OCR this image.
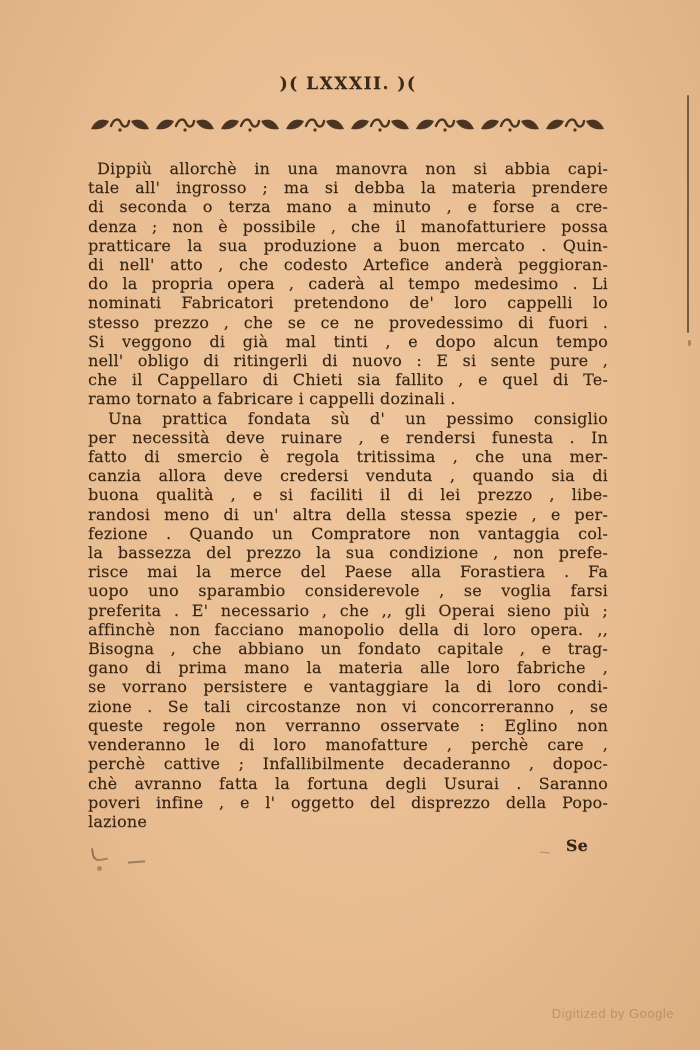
)( LXXXII. )(
Dippiù allorchè in una manovra non si abbia capi-
tale all' ingrosso ; ma si debba la materia prendere
di seconda o terza mano a minuto , e forse a cre-
denza ; non è possibile , che il manofatturiere possa
pratticare la sua produzione a buon mercato . Quin-
di nell' atto , che codesto Artefice anderà peggioran-
do la propria opera , caderà al tempo medesimo . Li
nominati Fabricatori pretendono de' loro cappelli lo
stesso prezzo , che se ce ne provedessimo di fuori .
Si veggono di già mal tinti , e dopo alcun tempo
nell' obligo di ritingerli di nuovo : E si sente pure ,
che il Cappellaro di Chieti sia fallito , e quel di Te-
ramo tornato a fabricare i cappelli dozinali .
Una prattica fondata sù d' un pessimo consiglio
per necessità deve ruinare , e rendersi funesta . In
fatto di smercio è regola tritissima , che una mer-
canzia allora deve credersi venduta , quando sia di
buona qualità , e si faciliti il di lei prezzo , libe-
randosi meno di un' altra della stessa spezie , e per-
fezione . Quando un Compratore non vantaggia col-
la bassezza del prezzo la sua condizione , non prefe-
risce mai la merce del Paese alla Forastiera . Fa
uopo uno sparambio considerevole , se voglia farsi
preferita . E' necessario , che ,, gli Operai sieno più ;
affinchè non facciano manopolio della di loro opera. ,,
Bisogna , che abbiano un fondato capitale , e trag-
gano di prima mano la materia alle loro fabriche ,
se vorrano persistere e vantaggiare la di loro condi-
zione . Se tali circostanze non vi concorreranno , se
queste regole non verranno osservate : Eglino non
venderanno le di loro manofatture , perchè care ,
perchè cattive ; Infallibilmente decaderanno , dopoc-
chè avranno fatta la fortuna degli Usurai . Saranno
poveri infine , e l' oggetto del disprezzo della Popo-
lazione
Se
Digitized by Google
